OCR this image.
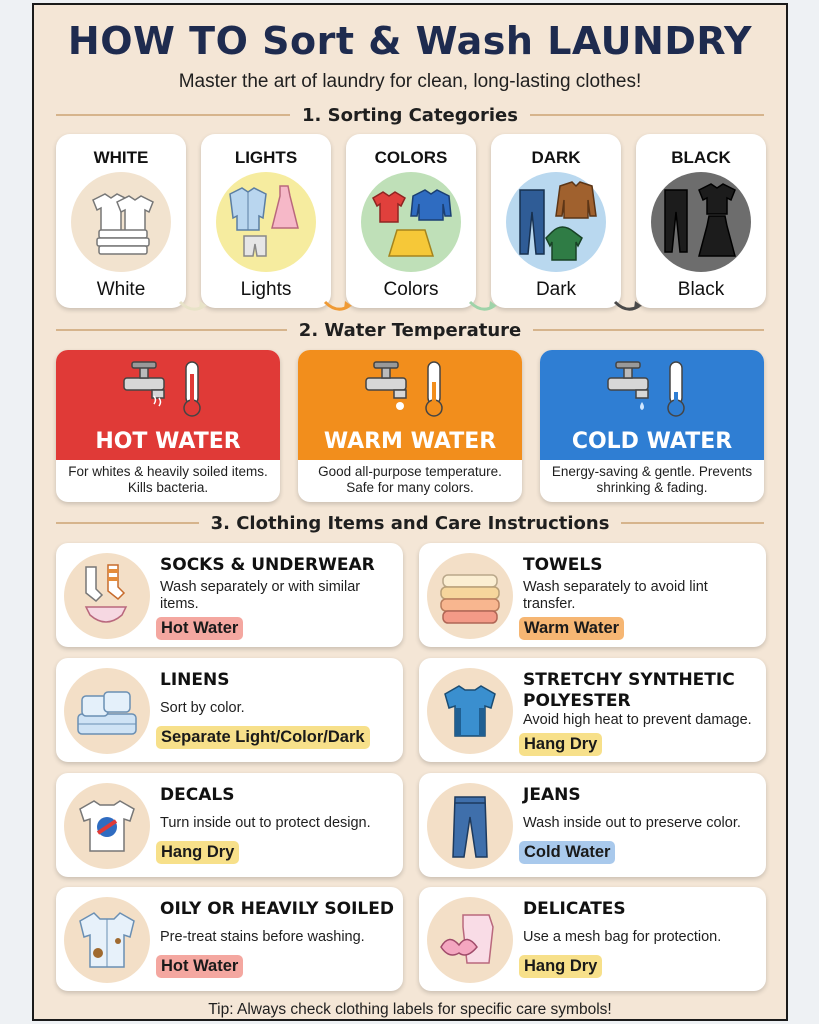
HOW TO Sort & Wash LAUNDRY
Master the art of laundry for clean, long-lasting clothes!
1. Sorting Categories
WHITE
White
LIGHTS
Lights
COLORS
Colors
DARK
Dark
BLACK
Black
2. Water Temperature
HOT WATER
For whites & heavily soiled items. Kills bacteria.
WARM WATER
Good all-purpose temperature. Safe for many colors.
COLD WATER
Energy-saving & gentle. Prevents shrinking & fading.
3. Clothing Items and Care Instructions
SOCKS & UNDERWEAR
Wash separately or with similar items.
Hot Water
TOWELS
Wash separately to avoid lint transfer.
Warm Water
LINENS
Sort by color.
Separate Light/Color/Dark
STRETCHY SYNTHETIC POLYESTER
Avoid high heat to prevent damage.
Hang Dry
DECALS
Turn inside out to protect design.
Hang Dry
JEANS
Wash inside out to preserve color.
Cold Water
OILY OR HEAVILY SOILED
Pre-treat stains before washing.
Hot Water
DELICATES
Use a mesh bag for protection.
Hang Dry
Tip: Always check clothing labels for specific care symbols!
